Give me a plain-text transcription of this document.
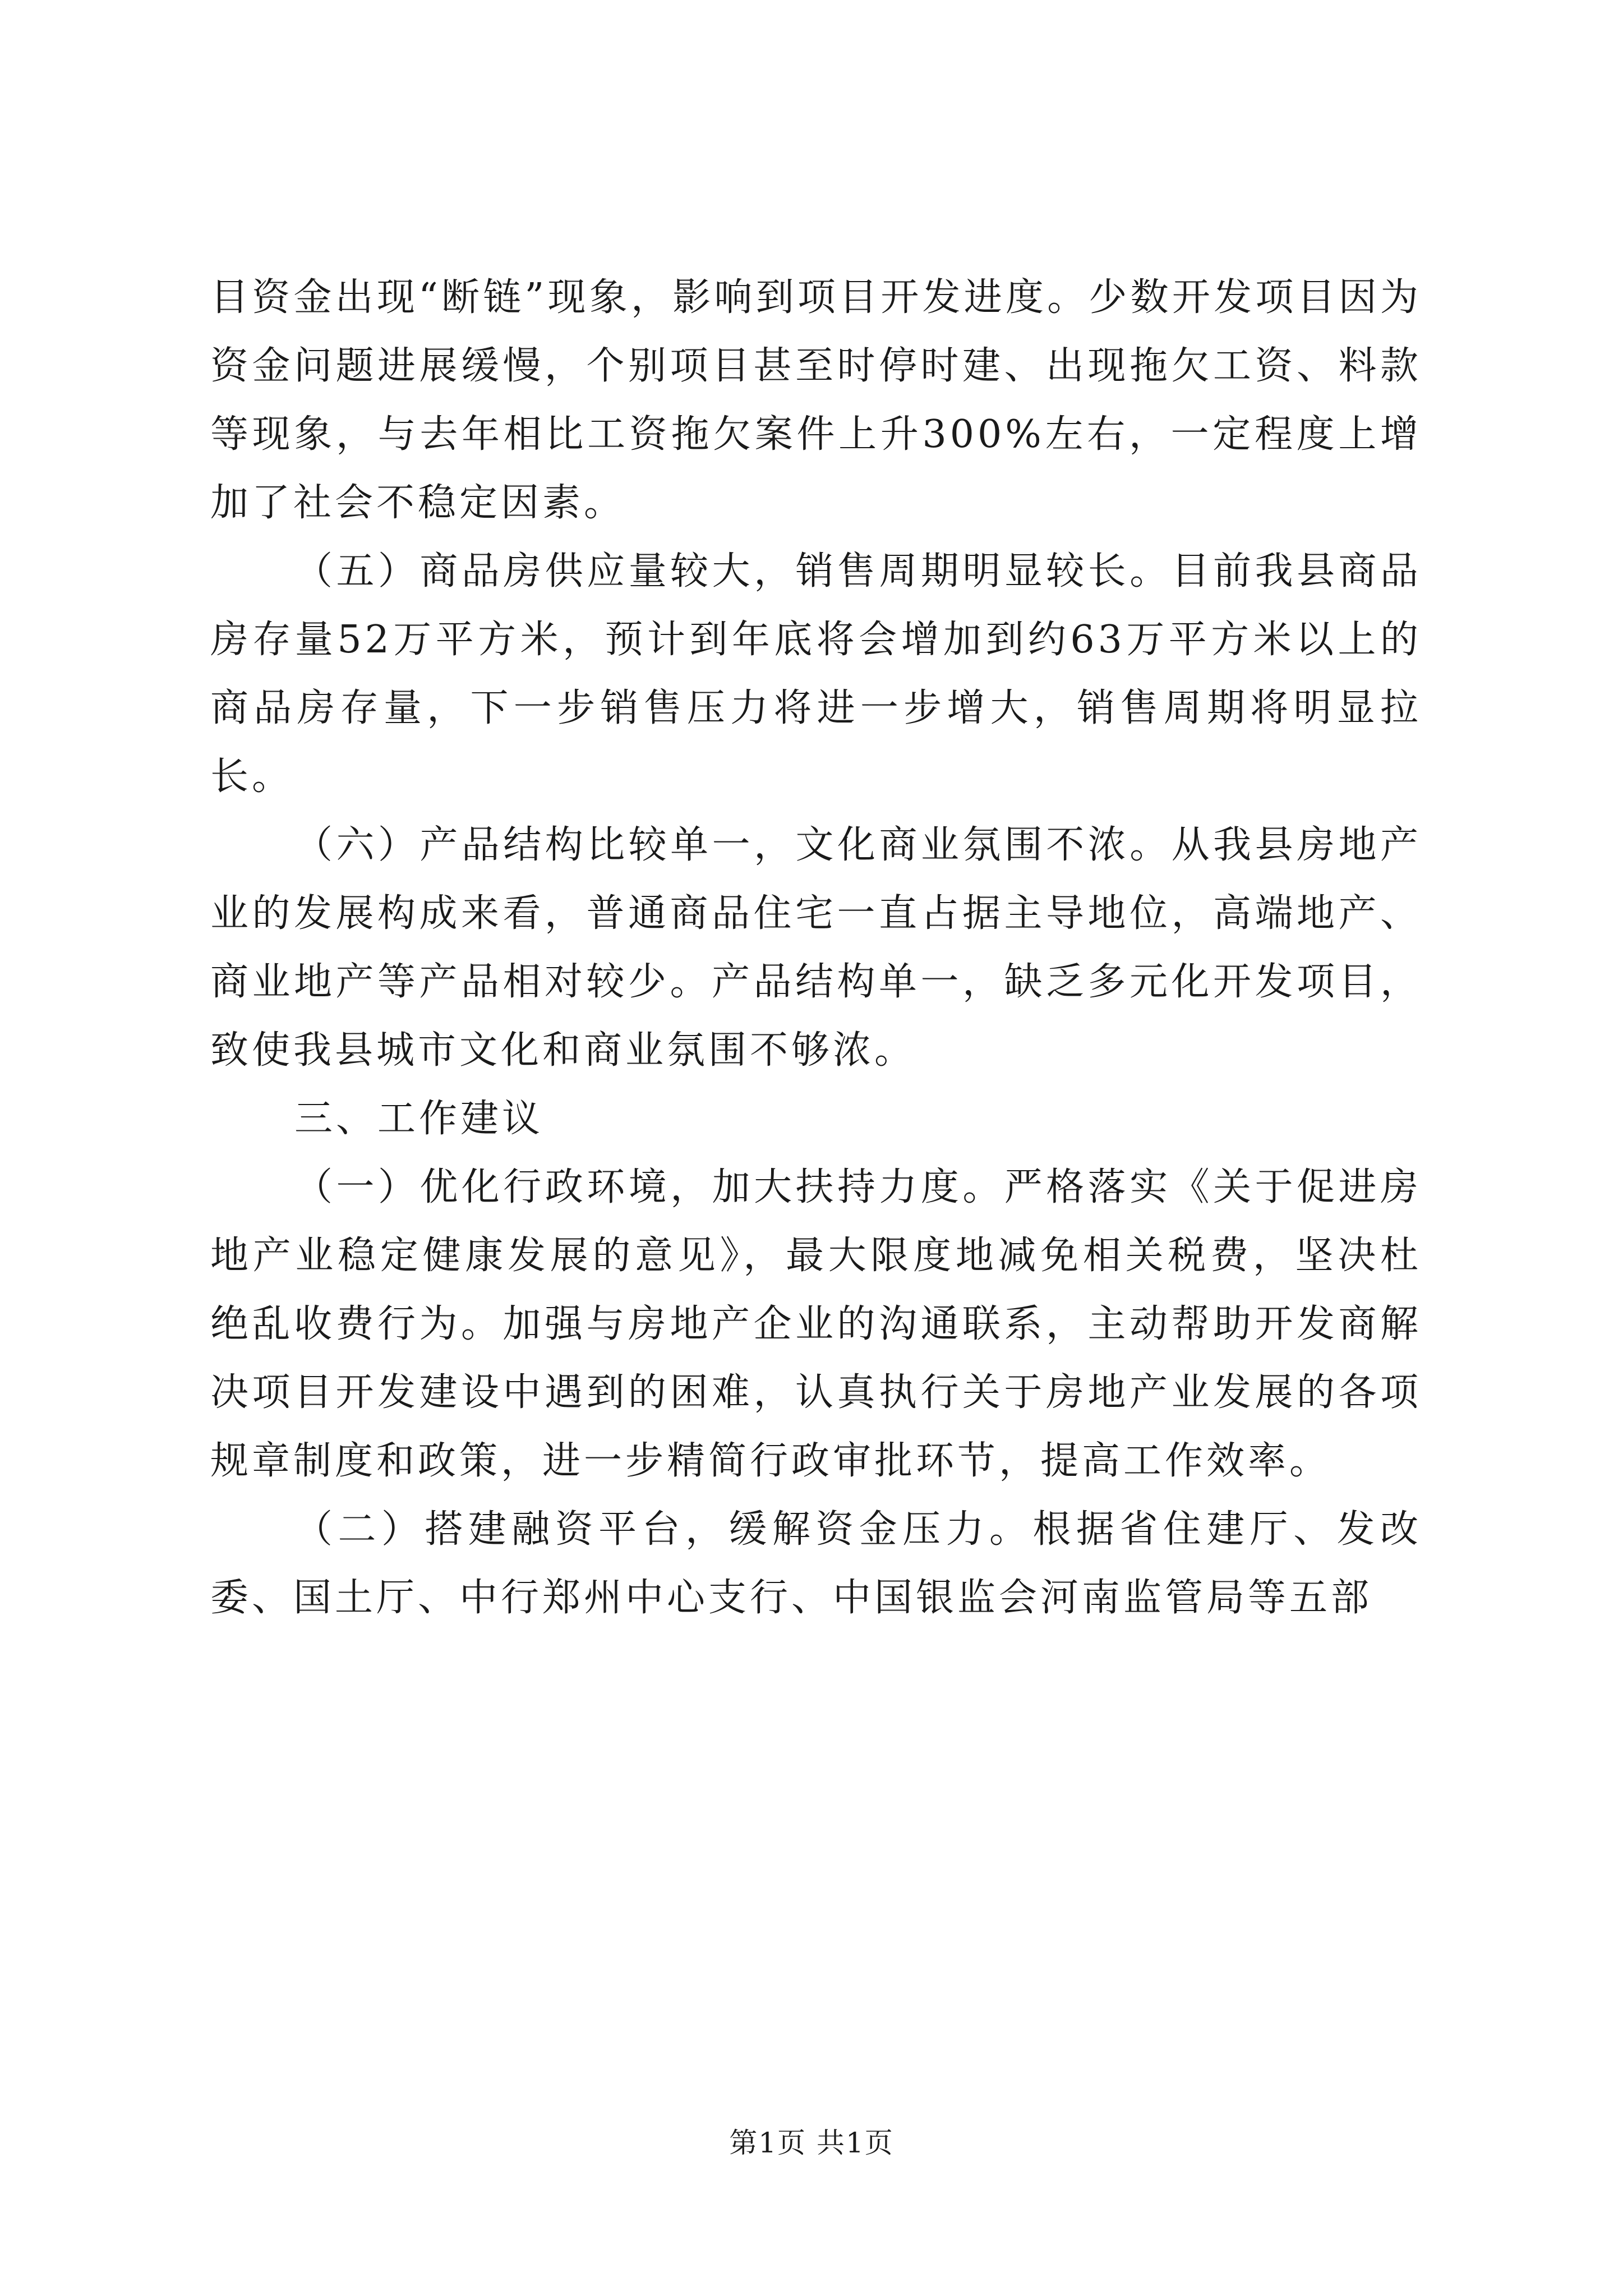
目资金出现“断链”现象，影响到项目开发进度。少数开发项目因为资金问题进展缓慢，个别项目甚至时停时建、出现拖欠工资、料款等现象，与去年相比工资拖欠案件上升300%左右，一定程度上增加了社会不稳定因素。

（五）商品房供应量较大，销售周期明显较长。目前我县商品房存量52万平方米，预计到年底将会增加到约63万平方米以上的商品房存量，下一步销售压力将进一步增大，销售周期将明显拉长。

（六）产品结构比较单一，文化商业氛围不浓。从我县房地产业的发展构成来看，普通商品住宅一直占据主导地位，高端地产、商业地产等产品相对较少。产品结构单一，缺乏多元化开发项目，致使我县城市文化和商业氛围不够浓。

三、工作建议

（一）优化行政环境，加大扶持力度。严格落实《关于促进房地产业稳定健康发展的意见》，最大限度地减免相关税费，坚决杜绝乱收费行为。加强与房地产企业的沟通联系，主动帮助开发商解决项目开发建设中遇到的困难，认真执行关于房地产业发展的各项规章制度和政策，进一步精简行政审批环节，提高工作效率。

（二）搭建融资平台，缓解资金压力。根据省住建厅、发改委、国土厅、中行郑州中心支行、中国银监会河南监管局等五部

第1页 共1页
